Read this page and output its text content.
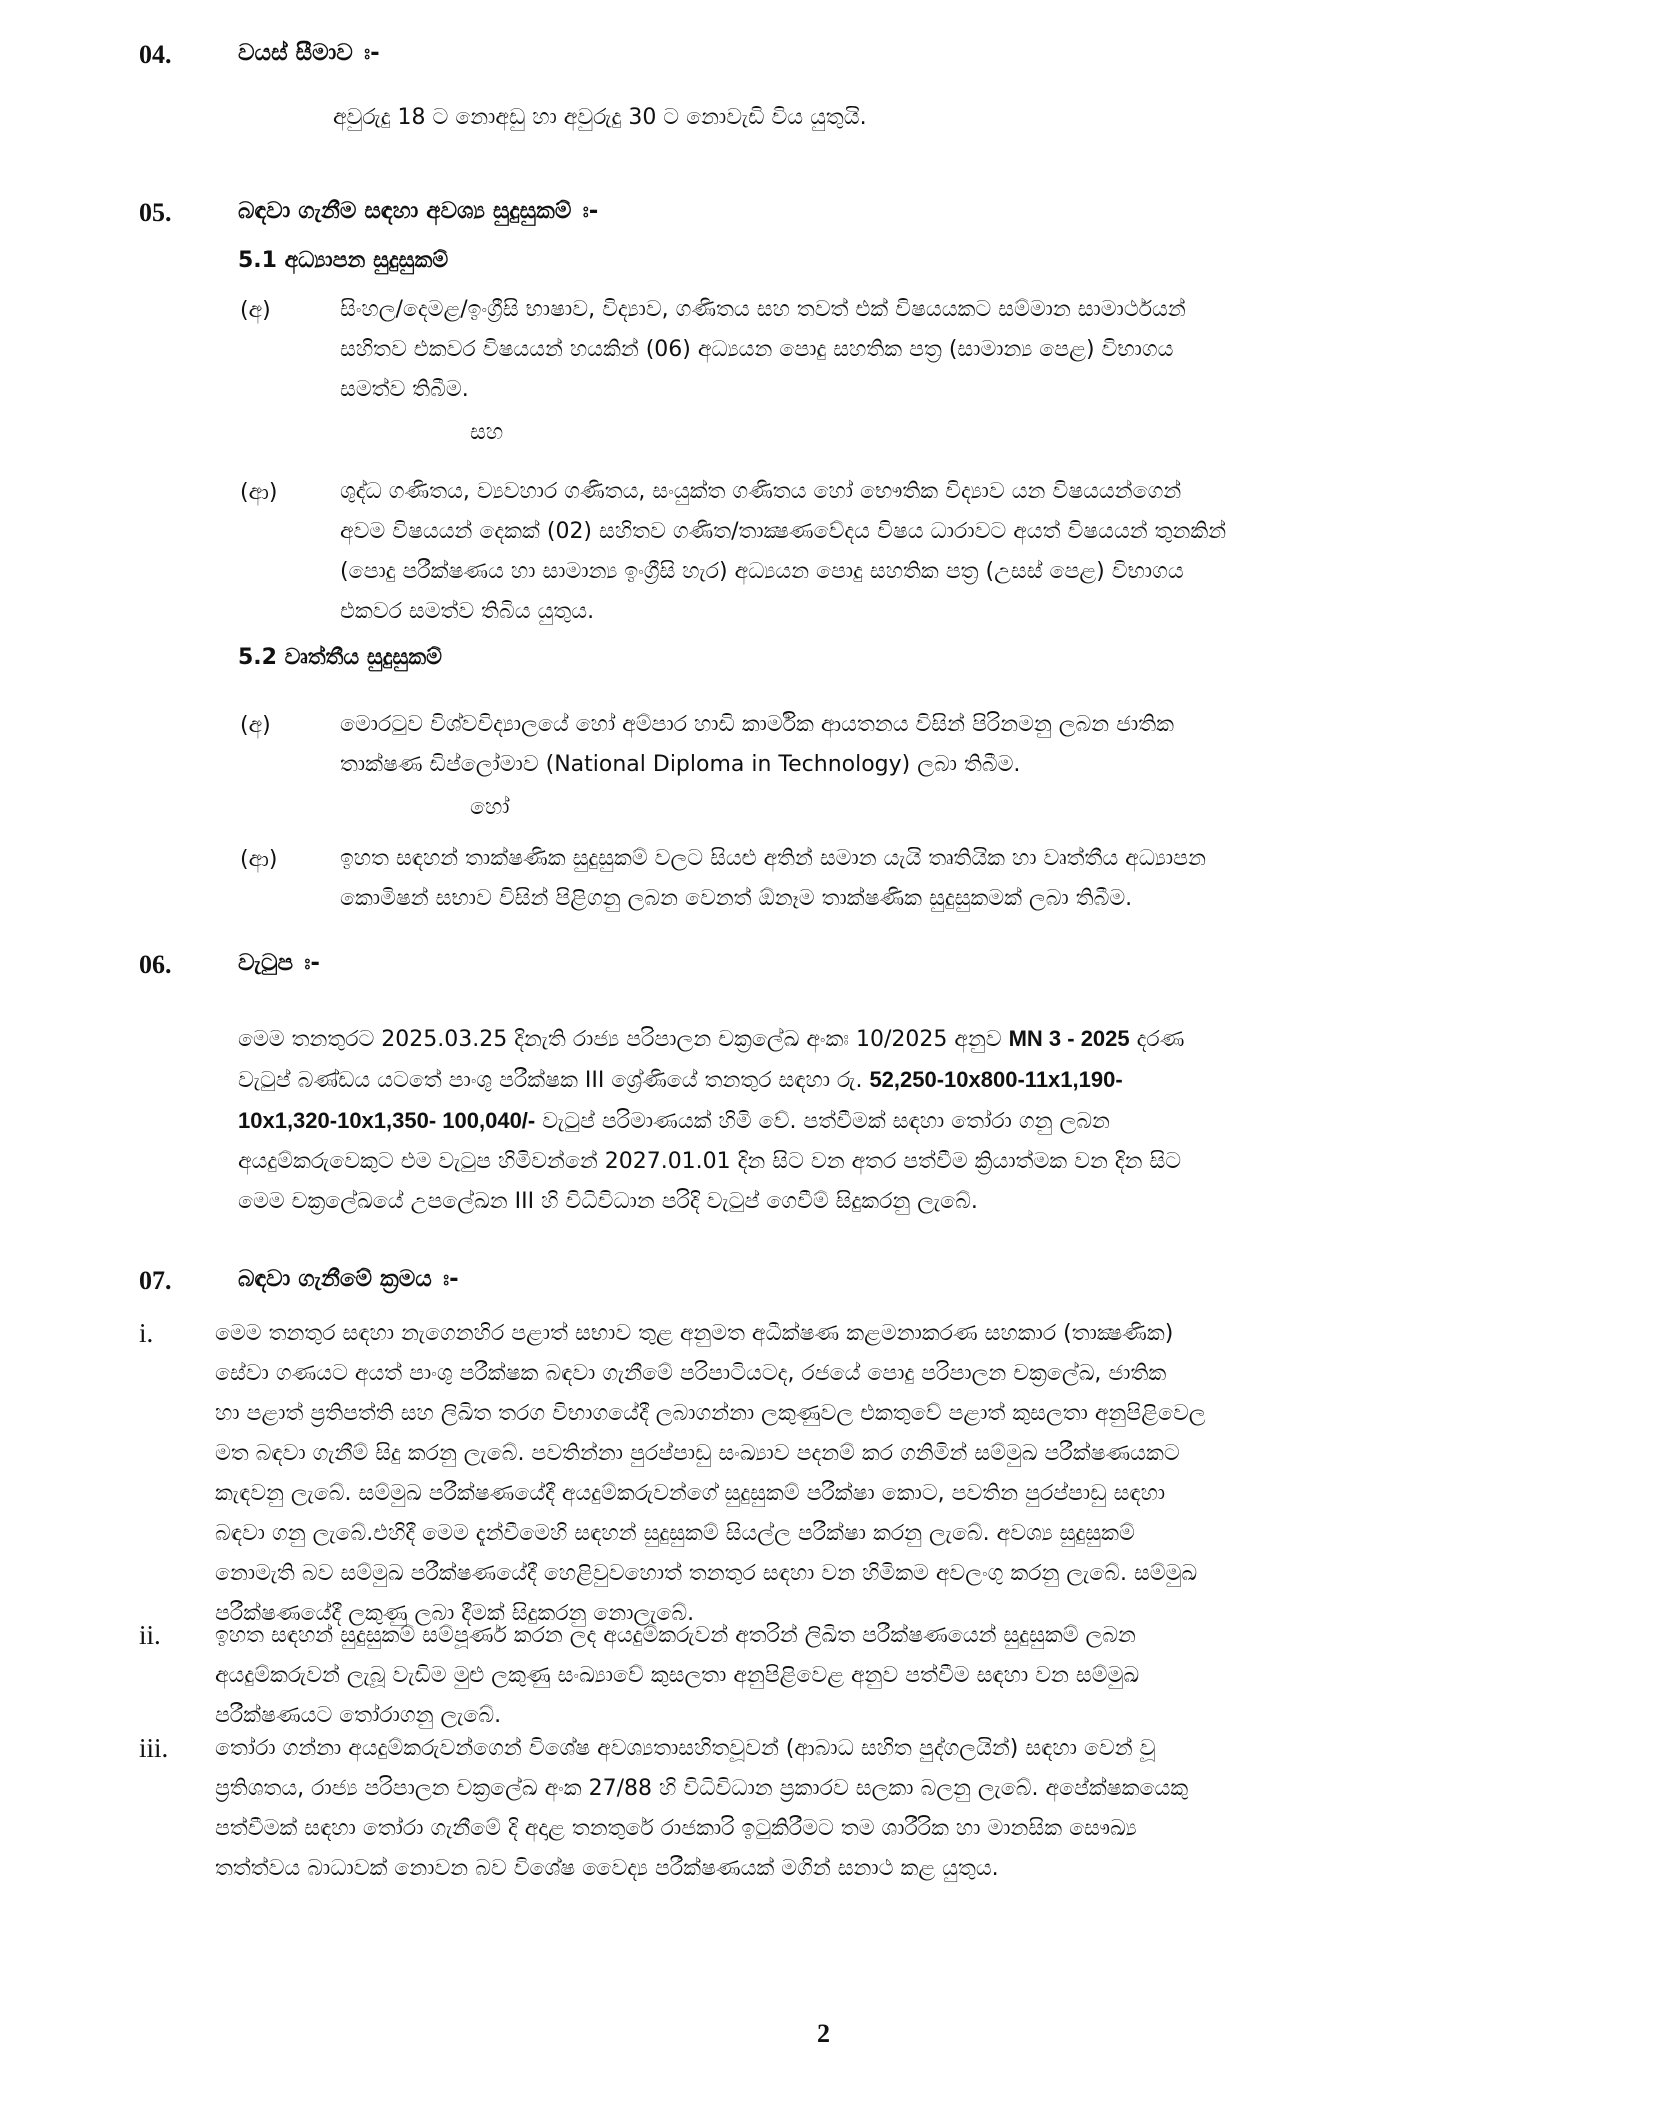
04.	වයස් සීමාව ඃ-
අවුරුදු 18 ට නොඅඩු හා අවුරුදු 30 ට නොවැඩි විය යුතුයි.
05.	බඳවා ගැනීම සඳහා අවශ්‍ය සුදුසුකම් ඃ-
5.1 අධ්‍යාපන සුදුසුකම්
(අ)	සිංහල/දෙමළ/ඉංග්‍රීසි භාෂාව, විද්‍යාව, ගණිතය සහ තවත් එක් විෂයයකට සම්මාන සාමාර්ථයන්
සහිතව එකවර විෂයයන් හයකින් (06) අධ්‍යයන පොදු සහතික පත්‍ර (සාමාන්‍ය පෙළ) විභාගය
සමත්ව තිබීම.
සහ
(ආ)	ශුද්ධ ගණිතය, ව්‍යවහාර ගණිතය, සංයුක්ත ගණිතය හෝ භෞතික විද්‍යාව යන විෂයයන්ගෙන්
අවම විෂයයන් දෙකක් (02) සහිතව ගණිත/තාක්‍ෂණවේදය විෂය ධාරාවට අයත් විෂයයන් තුනකින්
(පොදු පරීක්ෂණය හා සාමාන්‍ය ඉංග්‍රීසි හැර) අධ්‍යයන පොදු සහතික පත්‍ර (උසස් පෙළ) විභාගය
එකවර සමත්ව තිබිය යුතුය.
5.2 වෘත්තීය සුදුසුකම්
(අ)	මොරටුව විශ්වවිද්‍යාලයේ හෝ අම්පාර හාඩි කාර්මික ආයතනය විසින් පිරිනමනු ලබන ජාතික
තාක්ෂණ ඩිප්ලෝමාව (National Diploma in Technology) ලබා තිබීම.
හෝ
(ආ)	ඉහත සඳහන් තාක්ෂණික සුදුසුකම් වලට සියළු අතින් සමාන යැයි තෘතියික හා වෘත්තීය අධ්‍යාපන
කොමිෂන් සභාව විසින් පිළිගනු ලබන වෙනත් ඕනෑම තාක්ෂණික සුදුසුකමක් ලබා තිබීම.
06.	වැටුප ඃ-
මෙම තනතුරට 2025.03.25 දිනැති රාජ්‍ය පරිපාලන චක්‍රලේඛ අංකඃ 10/2025 අනුව MN 3 - 2025 දරණ
වැටුප් බණ්ඩය යටතේ පාංශු පරීක්ෂක III ශ්‍රේණියේ තනතුර සඳහා රු. 52,250-10x800-11x1,190-
10x1,320-10x1,350- 100,040/- වැටුප් පරිමාණයක් හිමි වේ. පත්වීමක් සඳහා තෝරා ගනු ලබන
අයදුම්කරුවෙකුට එම වැටුප හිමිවන්නේ 2027.01.01 දින සිට වන අතර පත්වීම ක්‍රියාත්මක වන දින සිට
මෙම චක්‍රලේඛයේ උපලේඛන III හි විධිවිධාන පරිදි වැටුප් ගෙවීම් සිදුකරනු ලැබේ.
07.	බඳවා ගැනීමේ ක්‍රමය ඃ-
i.	මෙම තනතුර සඳහා නැගෙනහිර පළාත් සභාව තුළ අනුමත අධීක්ෂණ කළමනාකරණ සහකාර (තාක්‍ෂණික)
සේවා ගණයට අයත් පාංශු පරීක්ෂක බඳවා ගැනීමේ පරිපාටියටද, රජයේ පොදු පරිපාලන චක්‍රලේඛ, ජාතික
හා පළාත් ප්‍රතිපත්ති සහ ලිඛිත තරග විභාගයේදී ලබාගන්නා ලකුණුවල එකතුවේ පළාත් කුසලතා අනුපිළිවෙල
මත බඳවා ගැනීම් සිදු කරනු ලැබේ. පවතින්නා පුරප්පාඩු සංඛ්‍යාව පදනම් කර ගනිමින් සම්මුඛ පරීක්ෂණයකට
කැඳවනු ලැබේ. සම්මුඛ පරීක්ෂණයේදී අයදුම්කරුවන්ගේ සුදුසුකම් පරීක්ෂා කොට, පවතින පුරප්පාඩු සඳහා
බඳවා ගනු ලැබේ.එහිදී මෙම දැන්වීමෙහි සඳහන් සුදුසුකම් සියල්ල පරීක්ෂා කරනු ලැබේ. අවශ්‍ය සුදුසුකම්
නොමැති බව සම්මුඛ පරීක්ෂණයේදී හෙළිවුවහොත් තනතුර සඳහා වන හිමිකම අවලංගු කරනු ලැබේ. සම්මුඛ
පරීක්ෂණයේදී ලකුණු ලබා දීමක් සිදුකරනු නොලැබේ.
ii. ඉහත සඳහන් සුදුසුකම් සම්පූර්ණ කරන ලද අයදුම්කරුවන් අතරින් ලිඛිත පරීක්ෂණයෙන් සුදුසුකම් ලබන
අයදුම්කරුවන් ලැබූ වැඩිම මුළු ලකුණු සංඛ්‍යාවේ කුසලතා අනුපිළිවෙළ අනුව පත්වීම සඳහා වන සම්මුඛ
පරීක්ෂණයට තෝරාගනු ලැබේ.
iii. තෝරා ගන්නා අයදුම්කරුවන්ගෙන් විශේෂ අවශ්‍යතාසහිතවූවන් (ආබාධ සහිත පුද්ගලයින්) සඳහා වෙන් වූ
ප්‍රතිශතය, රාජ්‍ය පරිපාලන චක්‍රලේඛ අංක 27/88 හි විධිවිධාන ප්‍රකාරව සලකා බලනු ලැබේ. අපේක්ෂකයෙකු
පත්වීමක් සඳහා තෝරා ගැනීමේ දි අදාළ තනතුරේ රාජකාරි ඉටුකිරීමට තම ශාරීරික හා මානසික සෞඛ්‍ය
තත්ත්වය බාධාවක් නොවන බව විශේෂ වෛද්‍ය පරීක්ෂණයක් මගින් සනාථ කළ යුතුය.
2
